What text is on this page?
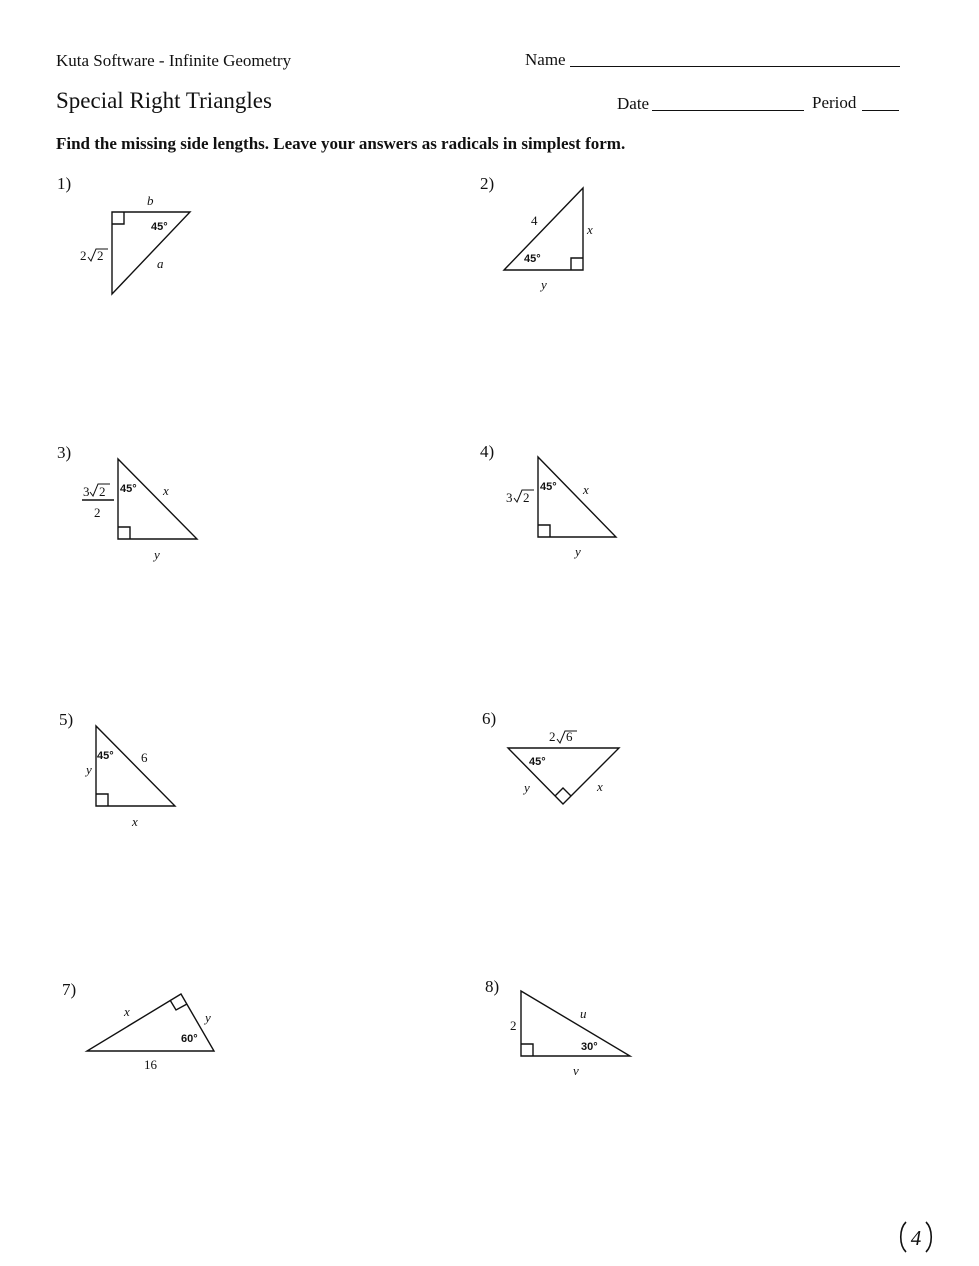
Kuta Software - Infinite Geometry
Special Right Triangles
Name
Date	Period
Find the missing side lengths. Leave your answers as radicals in simplest form.
1)	2)
3)	4)
5)	6)
7)	8)
b
45°
2 2
a
4
x
45°
y
3 2
2
45° x
y
3 2
45° x
y
y
45° 6
x
2 6
45°
y	x
x	y
60°
16
2
u
30°
v
4
